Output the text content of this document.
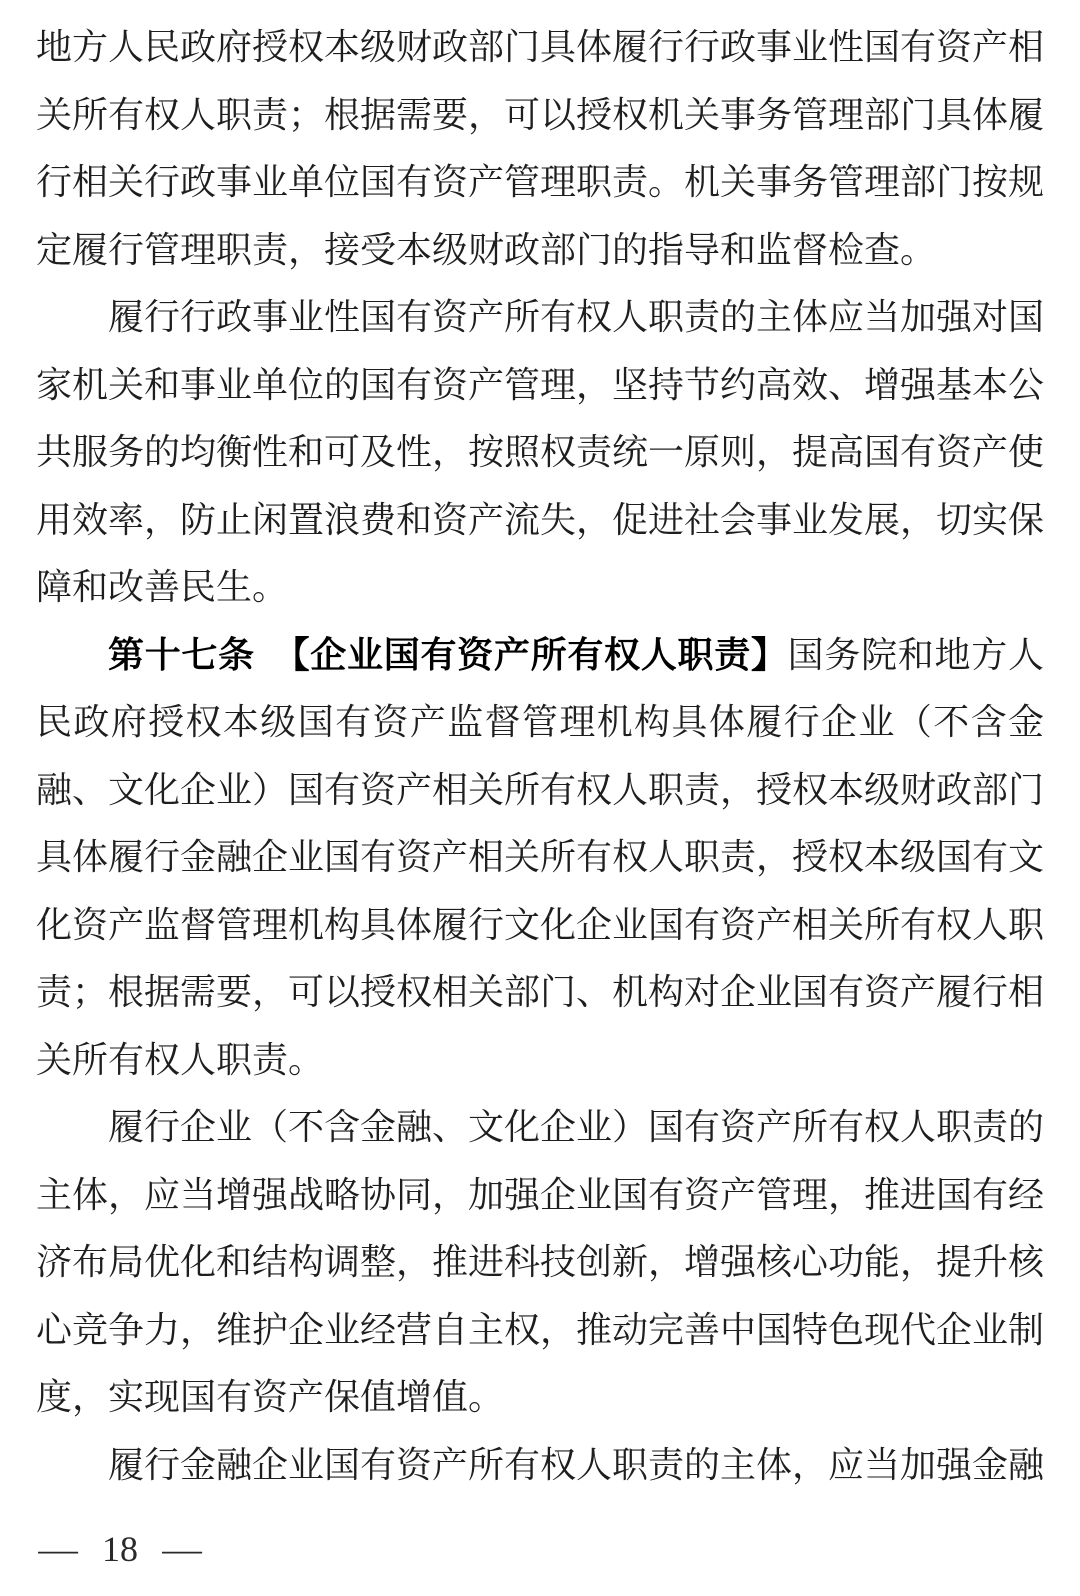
地方人民政府授权本级财政部门具体履行行政事业性国有资产相关所有权人职责；根据需要，可以授权机关事务管理部门具体履行相关行政事业单位国有资产管理职责。机关事务管理部门按规定履行管理职责，接受本级财政部门的指导和监督检查。

履行行政事业性国有资产所有权人职责的主体应当加强对国家机关和事业单位的国有资产管理，坚持节约高效、增强基本公共服务的均衡性和可及性，按照权责统一原则，提高国有资产使用效率，防止闲置浪费和资产流失，促进社会事业发展，切实保障和改善民生。

第十七条　【企业国有资产所有权人职责】国务院和地方人民政府授权本级国有资产监督管理机构具体履行企业（不含金融、文化企业）国有资产相关所有权人职责，授权本级财政部门具体履行金融企业国有资产相关所有权人职责，授权本级国有文化资产监督管理机构具体履行文化企业国有资产相关所有权人职责；根据需要，可以授权相关部门、机构对企业国有资产履行相关所有权人职责。

履行企业（不含金融、文化企业）国有资产所有权人职责的主体，应当增强战略协同，加强企业国有资产管理，推进国有经济布局优化和结构调整，推进科技创新，增强核心功能，提升核心竞争力，维护企业经营自主权，推动完善中国特色现代企业制度，实现国有资产保值增值。

履行金融企业国有资产所有权人职责的主体，应当加强金融

— 18 —
